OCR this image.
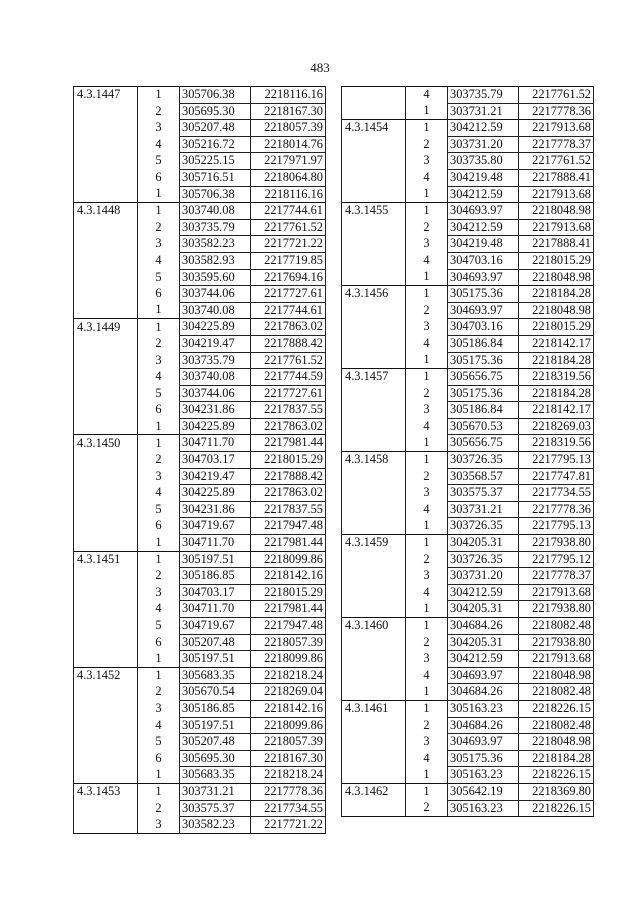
483
4.3.1447	1	305706.38	2218116.16
	2	305695.30	2218167.30
	3	305207.48	2218057.39
	4	305216.72	2218014.76
	5	305225.15	2217971.97
	6	305716.51	2218064.80
	1	305706.38	2218116.16
4.3.1448	1	303740.08	2217744.61
	2	303735.79	2217761.52
	3	303582.23	2217721.22
	4	303582.93	2217719.85
	5	303595.60	2217694.16
	6	303744.06	2217727.61
	1	303740.08	2217744.61
4.3.1449	1	304225.89	2217863.02
	2	304219.47	2217888.42
	3	303735.79	2217761.52
	4	303740.08	2217744.59
	5	303744.06	2217727.61
	6	304231.86	2217837.55
	1	304225.89	2217863.02
4.3.1450	1	304711.70	2217981.44
	2	304703.17	2218015.29
	3	304219.47	2217888.42
	4	304225.89	2217863.02
	5	304231.86	2217837.55
	6	304719.67	2217947.48
	1	304711.70	2217981.44
4.3.1451	1	305197.51	2218099.86
	2	305186.85	2218142.16
	3	304703.17	2218015.29
	4	304711.70	2217981.44
	5	304719.67	2217947.48
	6	305207.48	2218057.39
	1	305197.51	2218099.86
4.3.1452	1	305683.35	2218218.24
	2	305670.54	2218269.04
	3	305186.85	2218142.16
	4	305197.51	2218099.86
	5	305207.48	2218057.39
	6	305695.30	2218167.30
	1	305683.35	2218218.24
4.3.1453	1	303731.21	2217778.36
	2	303575.37	2217734.55
	3	303582.23	2217721.22
	4	303735.79	2217761.52
	1	303731.21	2217778.36
4.3.1454	1	304212.59	2217913.68
	2	303731.20	2217778.37
	3	303735.80	2217761.52
	4	304219.48	2217888.41
	1	304212.59	2217913.68
4.3.1455	1	304693.97	2218048.98
	2	304212.59	2217913.68
	3	304219.48	2217888.41
	4	304703.16	2218015.29
	1	304693.97	2218048.98
4.3.1456	1	305175.36	2218184.28
	2	304693.97	2218048.98
	3	304703.16	2218015.29
	4	305186.84	2218142.17
	1	305175.36	2218184.28
4.3.1457	1	305656.75	2218319.56
	2	305175.36	2218184.28
	3	305186.84	2218142.17
	4	305670.53	2218269.03
	1	305656.75	2218319.56
4.3.1458	1	303726.35	2217795.13
	2	303568.57	2217747.81
	3	303575.37	2217734.55
	4	303731.21	2217778.36
	1	303726.35	2217795.13
4.3.1459	1	304205.31	2217938.80
	2	303726.35	2217795.12
	3	303731.20	2217778.37
	4	304212.59	2217913.68
	1	304205.31	2217938.80
4.3.1460	1	304684.26	2218082.48
	2	304205.31	2217938.80
	3	304212.59	2217913.68
	4	304693.97	2218048.98
	1	304684.26	2218082.48
4.3.1461	1	305163.23	2218226.15
	2	304684.26	2218082.48
	3	304693.97	2218048.98
	4	305175.36	2218184.28
	1	305163.23	2218226.15
4.3.1462	1	305642.19	2218369.80
	2	305163.23	2218226.15
